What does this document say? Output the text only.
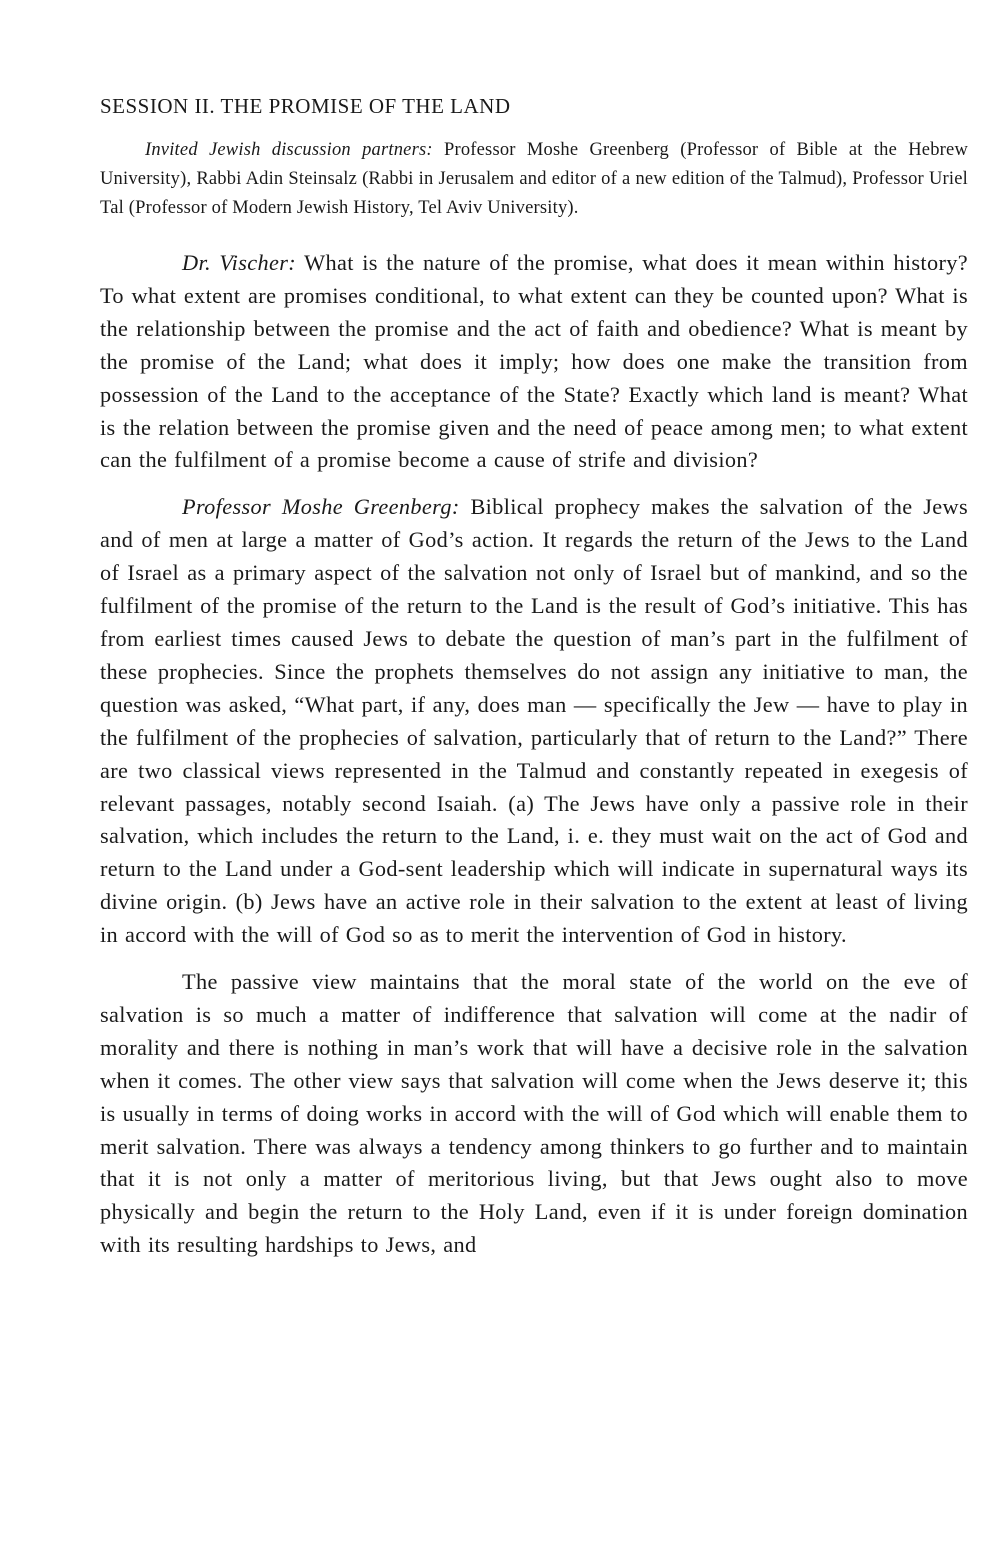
SESSION II. THE PROMISE OF THE LAND

Invited Jewish discussion partners: Professor Moshe Greenberg (Professor of Bible at the Hebrew University), Rabbi Adin Steinsalz (Rabbi in Jerusalem and editor of a new edition of the Talmud), Professor Uriel Tal (Professor of Modern Jewish History, Tel Aviv University).

Dr. Vischer: What is the nature of the promise, what does it mean within history? To what extent are promises conditional, to what extent can they be counted upon? What is the relationship between the promise and the act of faith and obedience? What is meant by the promise of the Land; what does it imply; how does one make the transition from possession of the Land to the acceptance of the State? Exactly which land is meant? What is the relation between the promise given and the need of peace among men; to what extent can the fulfilment of a promise become a cause of strife and division?

Professor Moshe Greenberg: Biblical prophecy makes the salvation of the Jews and of men at large a matter of God’s action. It regards the return of the Jews to the Land of Israel as a primary aspect of the salvation not only of Israel but of mankind, and so the fulfilment of the promise of the return to the Land is the result of God’s initiative. This has from earliest times caused Jews to debate the question of man’s part in the fulfilment of these prophecies. Since the prophets themselves do not assign any initiative to man, the question was asked, “What part, if any, does man — specifically the Jew — have to play in the fulfilment of the prophecies of salvation, particularly that of return to the Land?” There are two classical views represented in the Talmud and constantly repeated in exegesis of relevant passages, notably second Isaiah. (a) The Jews have only a passive role in their salvation, which includes the return to the Land, i. e. they must wait on the act of God and return to the Land under a God-sent leadership which will indicate in supernatural ways its divine origin. (b) Jews have an active role in their salvation to the extent at least of living in accord with the will of God so as to merit the intervention of God in history.

The passive view maintains that the moral state of the world on the eve of salvation is so much a matter of indifference that salvation will come at the nadir of morality and there is nothing in man’s work that will have a decisive role in the salvation when it comes. The other view says that salvation will come when the Jews deserve it; this is usually in terms of doing works in accord with the will of God which will enable them to merit salvation. There was always a tendency among thinkers to go further and to maintain that it is not only a matter of meritorious living, but that Jews ought also to move physically and begin the return to the Holy Land, even if it is under foreign domination with its resulting hardships to Jews, and
